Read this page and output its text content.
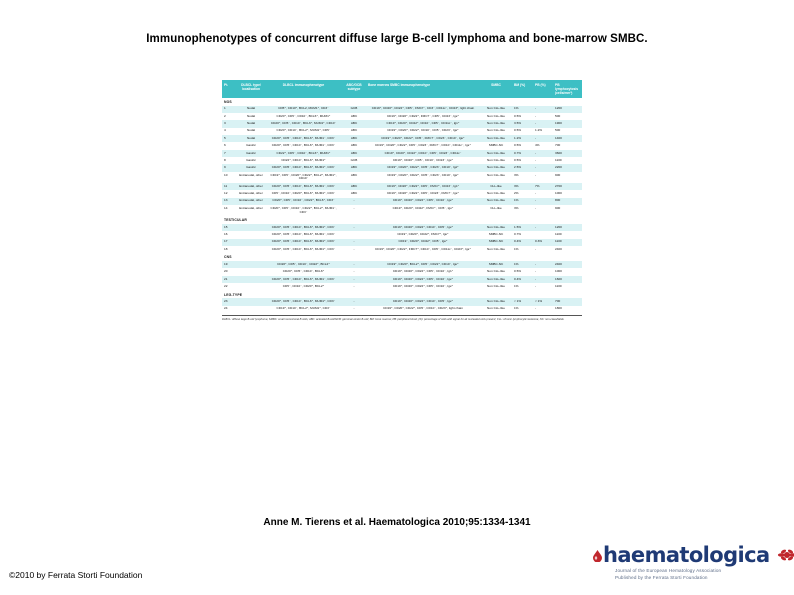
Immunophenotypes of concurrent diffuse large B-cell lymphoma and bone-marrow SMBC.
Pt.	DLBCL type/ localisation	DLBCL immunophenotype	ABC/GCB subtype	Bone marrow SMBC immunophenotype	SMBC	BM (%)	PB (%)	PB lymphocytosis (cells/mm³)
NOS								
1	Nodal	CD5⁺, CD10⁺, BCL2, MUM1⁺, CD3⁻	GCB	CD19⁺, CD20⁺, CD22⁺, CD5⁻, FMC7⁻, CD3⁻, CD11c⁻, CD23⁺, light chain	Non CLL-like	1%	-	1200
2	Nodal	CD20⁺, CD5⁻, CD10⁻, BCL6⁺, MUM1⁺	ABC	CD19⁺, CD20⁺, CD22⁺, FMC7⁻, CD5⁻, CD23⁻, Igκ⁺	Non CLL-like	0.5%	-	500
3	Nodal	CD20⁺, CD5⁻, CD10⁻, BCL6⁺, MUM1⁺, CD10⁻	ABC	CD19⁺, CD20⁺, CD22⁺, CD10⁻, CD5⁻, CD11c⁻, Igλ⁺	Non CLL-like	3.5%	-	1900
4	Nodal	CD20⁺, CD10⁻, BCL2⁺, MUM1⁺, CD5⁻	ABC	CD19⁺, CD20⁺, CD22⁺, CD10⁻, CD5⁻, CD23⁻, Igκ⁺	Non CLL-like	0.5%	1.2%	500
5	Nodal	CD20⁺, CD5⁻, CD10⁻, BCL6⁺, MUM1⁻, CD3⁻	ABC	CD19⁺, CD20⁺, CD22⁺, CD5⁻, FMC7⁻, CD23⁻, CD10⁻, Igκ⁺	Non CLL-like	1.2%	-	1400
6	Gastric	CD20⁺, CD5⁻, CD10⁻, BCL6⁺, MUM1⁻, CD3⁻	ABC	CD19⁺, CD20⁺, CD22⁺, CD5⁻, CD23⁻, FMC7⁻, CD10⁻, CD11c⁻, Igκ⁺	SMBC-NC	0.5%	4%	700
7	Gastric	CD22⁺, CD5⁻, CD10⁻, BCL6⁺, MUM1⁺	ABC	CD19⁺, CD20⁺, CD22⁺, CD10⁻, CD5⁻, CD23⁻, CD11c⁻	Non CLL-like	0.7%	-	3600
8	Gastric	CD22⁺, CD10⁻, BCL6⁺, MUM1⁺	GCB	CD19⁺, CD20⁺, CD5⁻, CD10⁻, CD23⁻, Igκ⁺	Non CLL-like	0.5%	-	1100
9	Gastric	CD20⁺, CD5⁻, CD10⁻, BCL6⁺, MUM1⁺, CD3⁻	ABC	CD19⁺, CD20⁺, CD22⁺, CD5⁻, CD23⁻, CD10⁻, Igλ⁺	Non CLL-like	2.5%	-	2200
10	Extranodal, other	CD19⁺, CD5⁻, CD20⁺, CD22⁺, BCL2⁺, MUM1⁺, CD10⁻	ABC	CD19⁺, CD20⁺, CD22⁺, CD5⁻, CD23⁻, CD10⁻, Igκ⁺	Non CLL-like	3%	-	900
11	Extranodal, other	CD20⁺, CD5⁻, CD10⁻, BCL6⁺, MUM1⁻, CD3⁻	ABC	CD19⁺, CD20⁺, CD22⁺, CD5⁻, FMC7⁻, CD23⁻, Igλ⁺	CLL-like	3%	7%	2700
12	Extranodal, other	CD5⁻, CD10⁻, CD20⁺, BCL6⁺, MUM1⁺, CD3⁻	ABC	CD19⁺, CD20⁺, CD22⁺, CD5⁻, CD23⁻, FMC7⁻, Igκ⁺	Non CLL-like	2%	-	1000
13	Extranodal, other	CD20⁺, CD5⁻, CD10⁻, CD22⁺, BCL6⁺, CD3⁻	-	CD19⁺, CD20⁺, CD22⁺, CD5⁻, CD10⁻, Igκ⁺	Non CLL-like	1%	-	800
14	Extranodal, other	CD20⁺, CD5⁻, CD10⁻, CD22⁺, BCL2⁺, MUM1⁻, CD3⁻	-	CD19⁺, CD20⁺, CD22⁺, FMC7⁻, CD5⁻, Igκ⁺	CLL-like	3%	-	900
TESTICULAR								
15		CD20⁺, CD5⁻, CD10⁻, BCL6⁺, MUM1⁺, CD3⁻	-	CD19⁺, CD20⁺, CD22⁺, CD10⁻, CD5⁻, Igκ⁺	Non CLL-like	1.5%	-	1200
16		CD20⁺, CD5⁻, CD10⁻, BCL6⁺, MUM1⁻, CD3⁻		CD19⁺, CD20⁺, CD22⁺, FMC7⁺, Igκ⁺	SMBC-NC	0.7%		1100
17		CD20⁺, CD5⁻, CD10⁻, BCL6⁺, MUM1⁺, CD3⁻	-	CD19⁻, CD20⁺, CD22⁺, CD5⁻, Igκ⁺	SMBC-NC	0.4%	0.3%	1100
18		CD20⁺, CD5⁻, CD10⁻, BCL6⁺, MUM1⁺, CD3⁻	-	CD19⁺, CD20⁺, CD22⁺, FMC7⁺, CD10⁻, CD5⁻, CD11c⁻, CD23⁺, Igκ⁺	Non CLL-like	1%	-	2400
CNS								
19		CD20⁺, CD5⁻, CD10⁻, CD22⁺, BCL2⁺	-	CD19⁺, CD20⁺, BCL2⁺, CD5⁻, CD22⁺, CD10⁻, Igκ⁺	SMBC-NC	1%	-	2400
20		CD20⁺, CD5⁻, CD10⁻, BCL6⁺	-	CD19⁺, CD20⁺, CD22⁺, CD5⁻, CD10⁻, Igλ⁺	Non CLL-like	0.5%	-	1000
21		CD20⁺, CD5⁻, CD10⁻, BCL6⁺, MUM1⁻, CD3⁻	-	CD19⁺, CD20⁺, CD22⁺, CD5⁻, CD10⁻, Igκ⁺	Non CLL-like	0.4%	-	1600
22		CD5⁻, CD10⁻, CD20⁺, BCL2⁺	-	CD19⁺, CD20⁺, CD22⁺, CD5⁻, CD10⁻, Igκ⁺	Non CLL-like	1%	-	1100
LEG-TYPE								
23		CD20⁺, CD5⁻, CD10⁻, BCL6⁺, MUM1⁺, CD3⁻	-	CD19⁺, CD20⁺, CD22⁺, CD10⁻, CD5⁻, Igκ⁺	Non CLL-like	< 1%	< 1%	700
24		CD19⁺, CD10⁻, BCL2⁺, MUM1⁺, CD3⁻	-	CD19⁺, CD20⁺, CD22⁺, CD5⁻, CD10⁻, CD23⁺, light chain	Non CLL-like	1%	-	1800
DLBCL: diffuse large B-cell lymphoma; SMBC: small monoclonal B cells; ABC: activated B-cell/GCB: germinal center B-cell; BM: bone marrow; PB: peripheral blood; (%): percentage of cells with signal for all nucleated cells present; CLL: chronic lymphocytic leukemia; NC: non-classifiable.
Anne M. Tierens et al. Haematologica 2010;95:1334-1341
©2010 by Ferrata Storti Foundation
haematologica
Journal of the European Hematology Association
Published by the Ferrata Storti Foundation
